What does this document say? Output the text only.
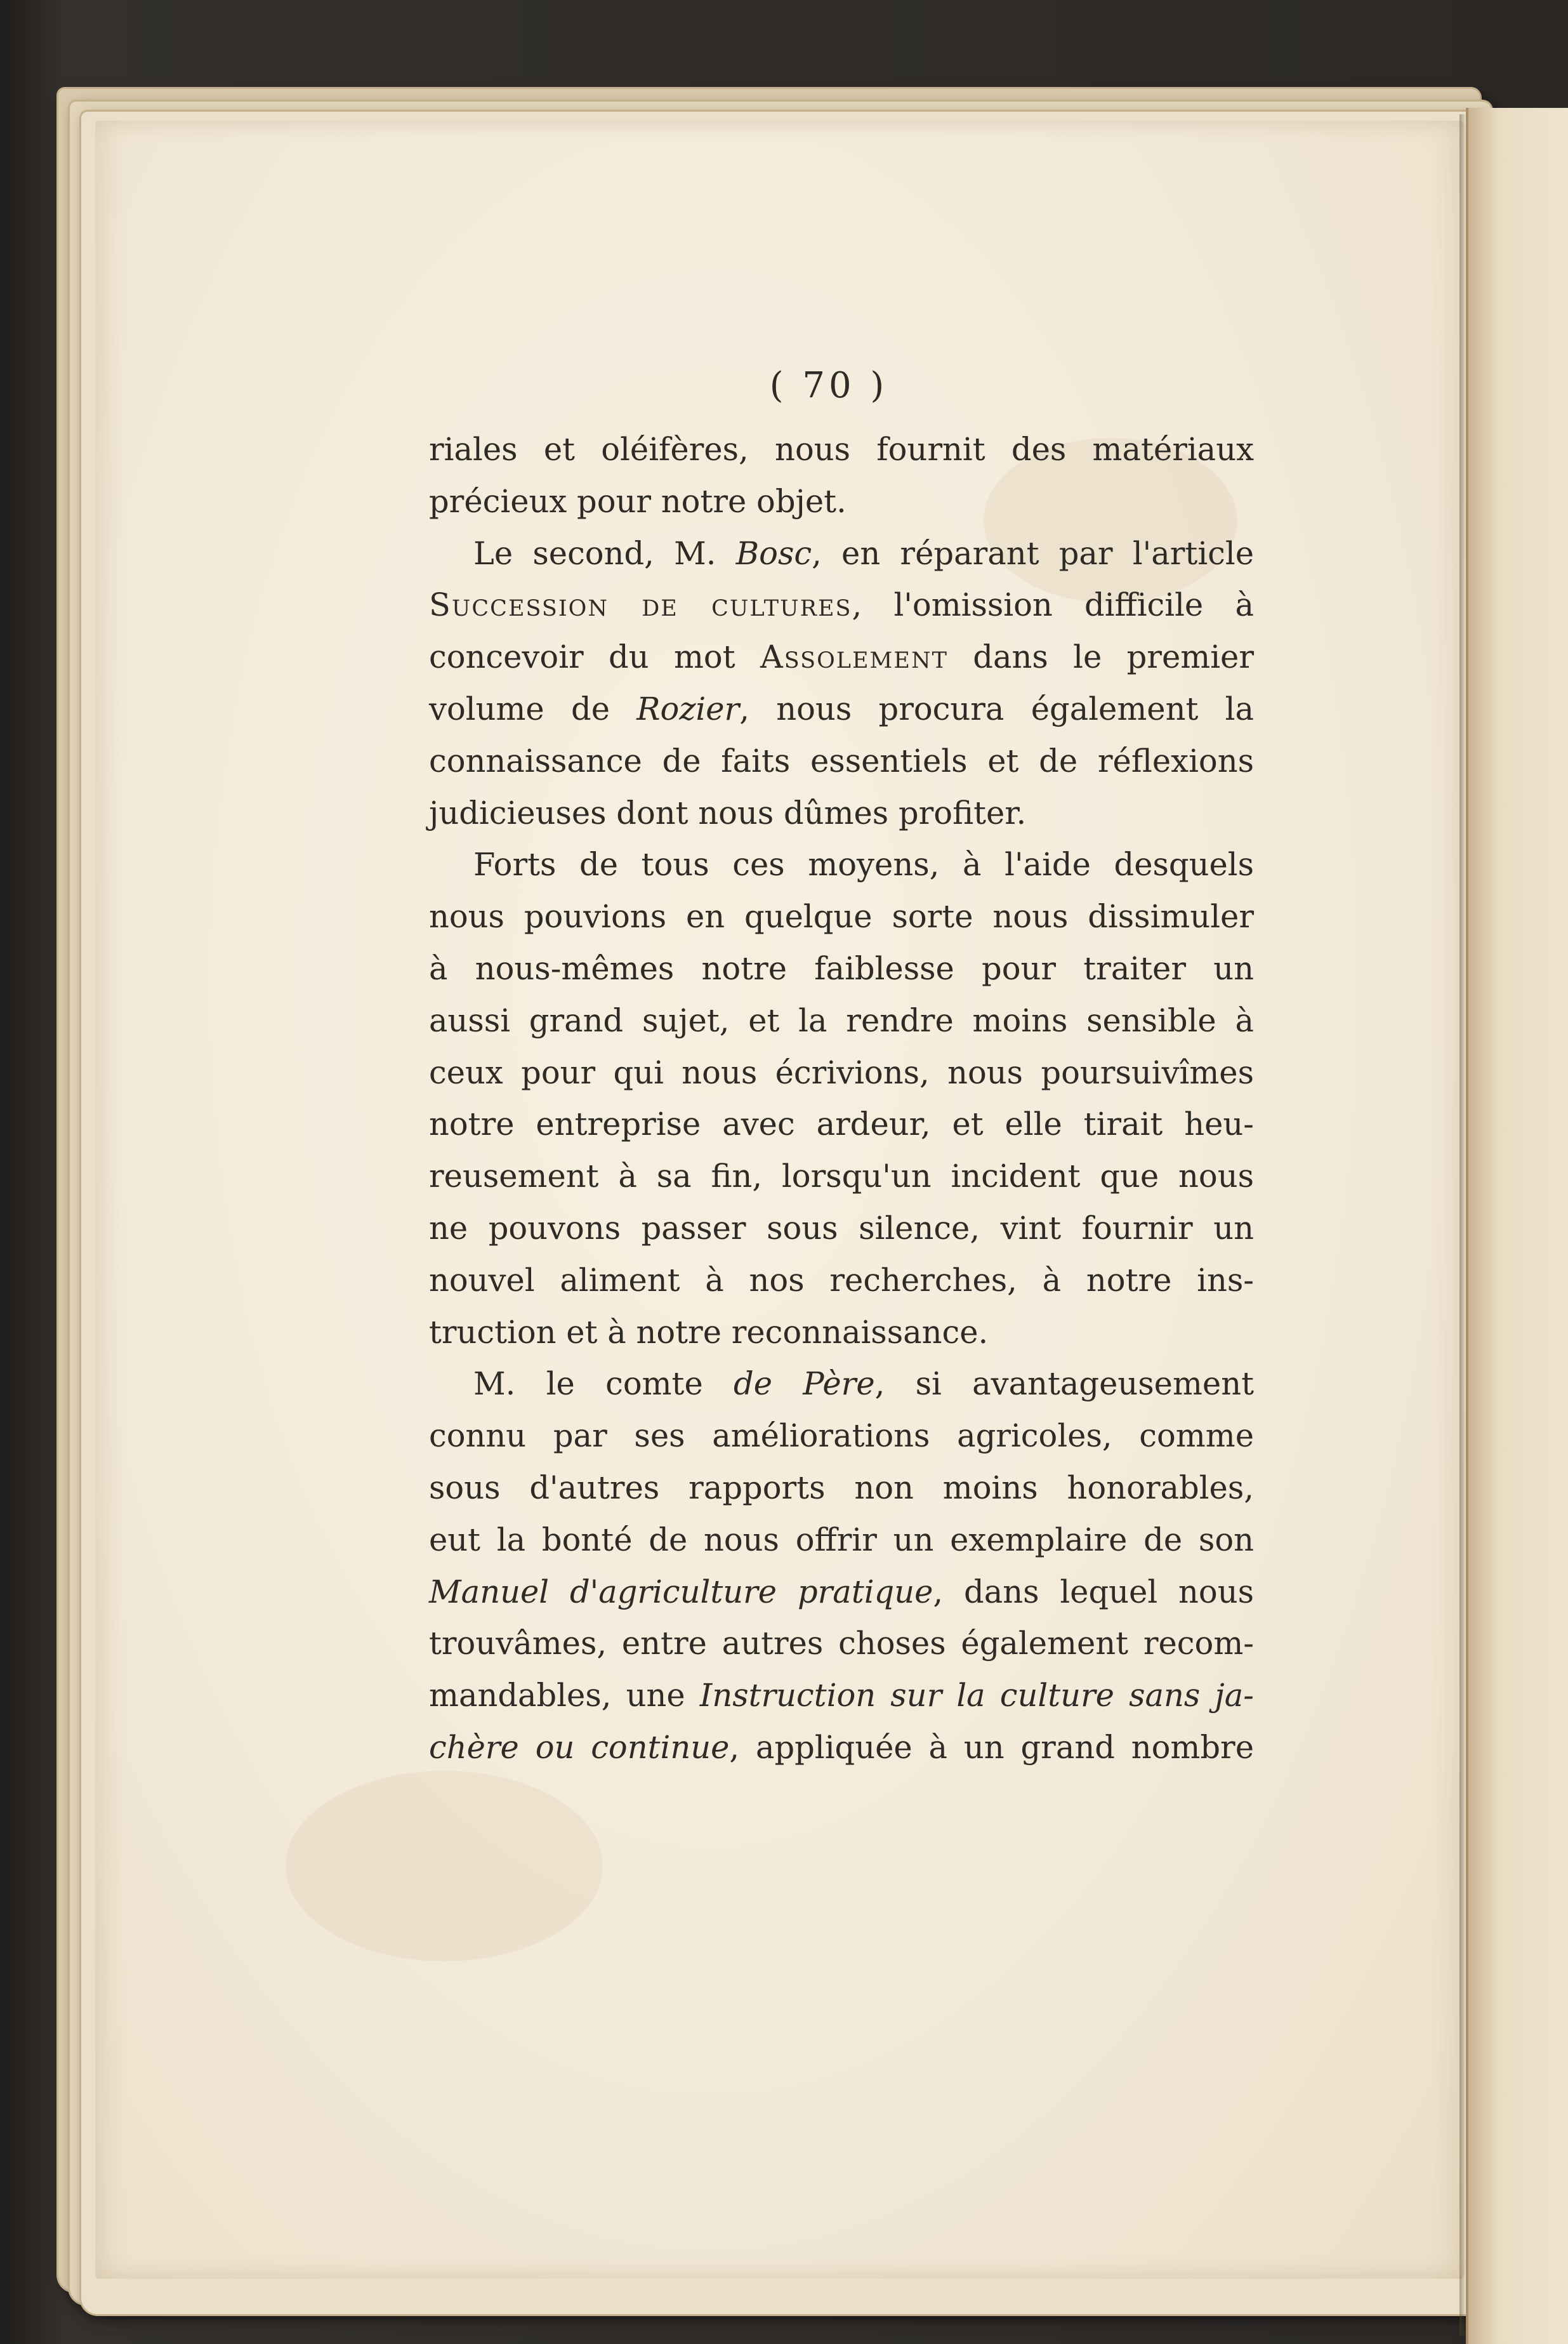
( 70 )
riales et oléifères, nous fournit des matériaux
précieux pour notre objet.
Le second, M. Bosc, en réparant par l'article
Succession de cultures, l'omission difficile à
concevoir du mot Assolement dans le premier
volume de Rozier, nous procura également la
connaissance de faits essentiels et de réflexions
judicieuses dont nous dûmes profiter.
Forts de tous ces moyens, à l'aide desquels
nous pouvions en quelque sorte nous dissimuler
à nous-mêmes notre faiblesse pour traiter un
aussi grand sujet, et la rendre moins sensible à
ceux pour qui nous écrivions, nous poursuivîmes
notre entreprise avec ardeur, et elle tirait heu-
reusement à sa fin, lorsqu'un incident que nous
ne pouvons passer sous silence, vint fournir un
nouvel aliment à nos recherches, à notre ins-
truction et à notre reconnaissance.
M. le comte de Père, si avantageusement
connu par ses améliorations agricoles, comme
sous d'autres rapports non moins honorables,
eut la bonté de nous offrir un exemplaire de son
Manuel d'agriculture pratique, dans lequel nous
trouvâmes, entre autres choses également recom-
mandables, une Instruction sur la culture sans ja-
chère ou continue, appliquée à un grand nombre
